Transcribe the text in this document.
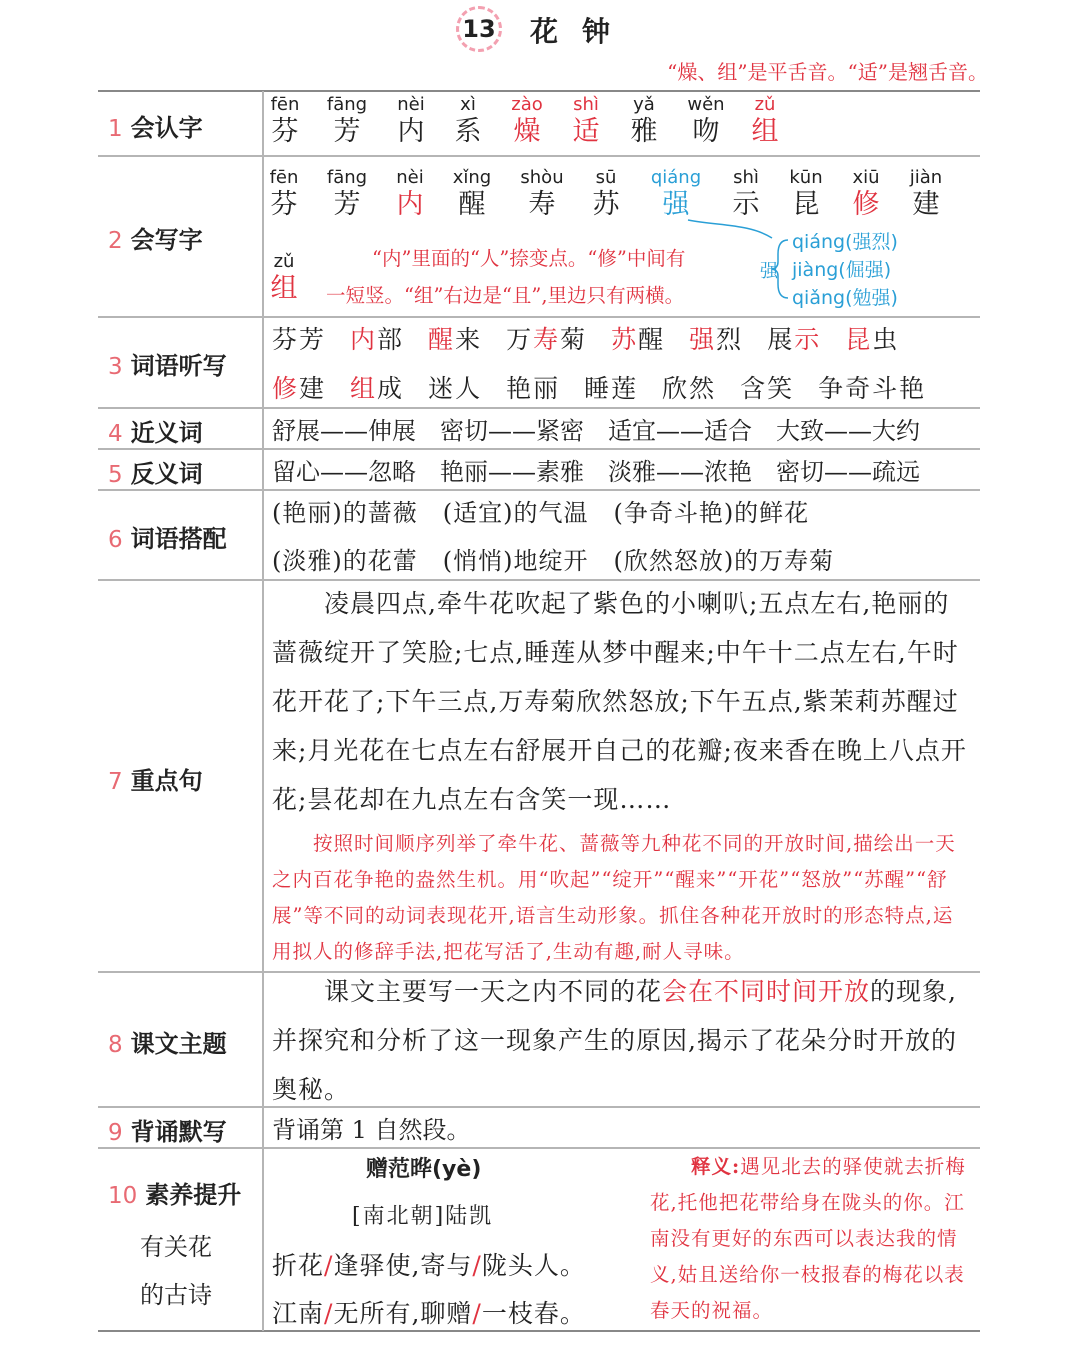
13 花钟
“燥、组”是平舌音。“适”是翘舌音。
1 会认字
2 会写字
3 词语听写
4 近义词
5 反义词
6 词语搭配
7 重点句
8 课文主题
9 背诵默写
10 素养提升
有关花
的古诗
fēn
芬
fāng
芳
nèi
内
xì
系
zào
燥
shì
适
yǎ
雅
wěn
吻
zǔ
组
fēn
芬
fāng
芳
nèi
内
xǐng
醒
shòu
寿
sū
苏
qiáng
强
shì
示
kūn
昆
xiū
修
jiàn
建
zǔ
组
“内”里面的“人”捺变点。“修”中间有
一短竖。“组”右边是“且”,里边只有两横。
强
qiáng(强烈)
jiàng(倔强)
qiǎng(勉强)
芬芳 内部 醒来 万寿菊 苏醒 强烈 展示 昆虫
修建 组成 迷人 艳丽 睡莲 欣然 含笑 争奇斗艳
舒展——伸展　密切——紧密　适宜——适合　大致——大约
留心——忽略　艳丽——素雅　淡雅——浓艳　密切——疏远
(艳丽)的蔷薇　(适宜)的气温　(争奇斗艳)的鲜花
(淡雅)的花蕾　(悄悄)地绽开　(欣然怒放)的万寿菊
　　凌晨四点,牵牛花吹起了紫色的小喇叭;五点左右,艳丽的蔷薇绽开了笑脸;七点,睡莲从梦中醒来;中午十二点左右,午时花开花了;下午三点,万寿菊欣然怒放;下午五点,紫茉莉苏醒过来;月光花在七点左右舒展开自己的花瓣;夜来香在晚上八点开花;昙花却在九点左右含笑一现……
　　按照时间顺序列举了牵牛花、蔷薇等九种花不同的开放时间,描绘出一天之内百花争艳的盎然生机。用“吹起”“绽开”“醒来”“开花”“怒放”“苏醒”“舒展”等不同的动词表现花开,语言生动形象。抓住各种花开放时的形态特点,运用拟人的修辞手法,把花写活了,生动有趣,耐人寻味。
　　课文主要写一天之内不同的花会在不同时间开放的现象,并探究和分析了这一现象产生的原因,揭示了花朵分时开放的奥秘。
背诵第 1 自然段。
赠范晔(yè)
[南北朝]陆凯
折花/逢驿使,寄与/陇头人。
江南/无所有,聊赠/一枝春。
　　释义:遇见北去的驿使就去折梅花,托他把花带给身在陇头的你。江南没有更好的东西可以表达我的情义,姑且送给你一枝报春的梅花以表春天的祝福。
